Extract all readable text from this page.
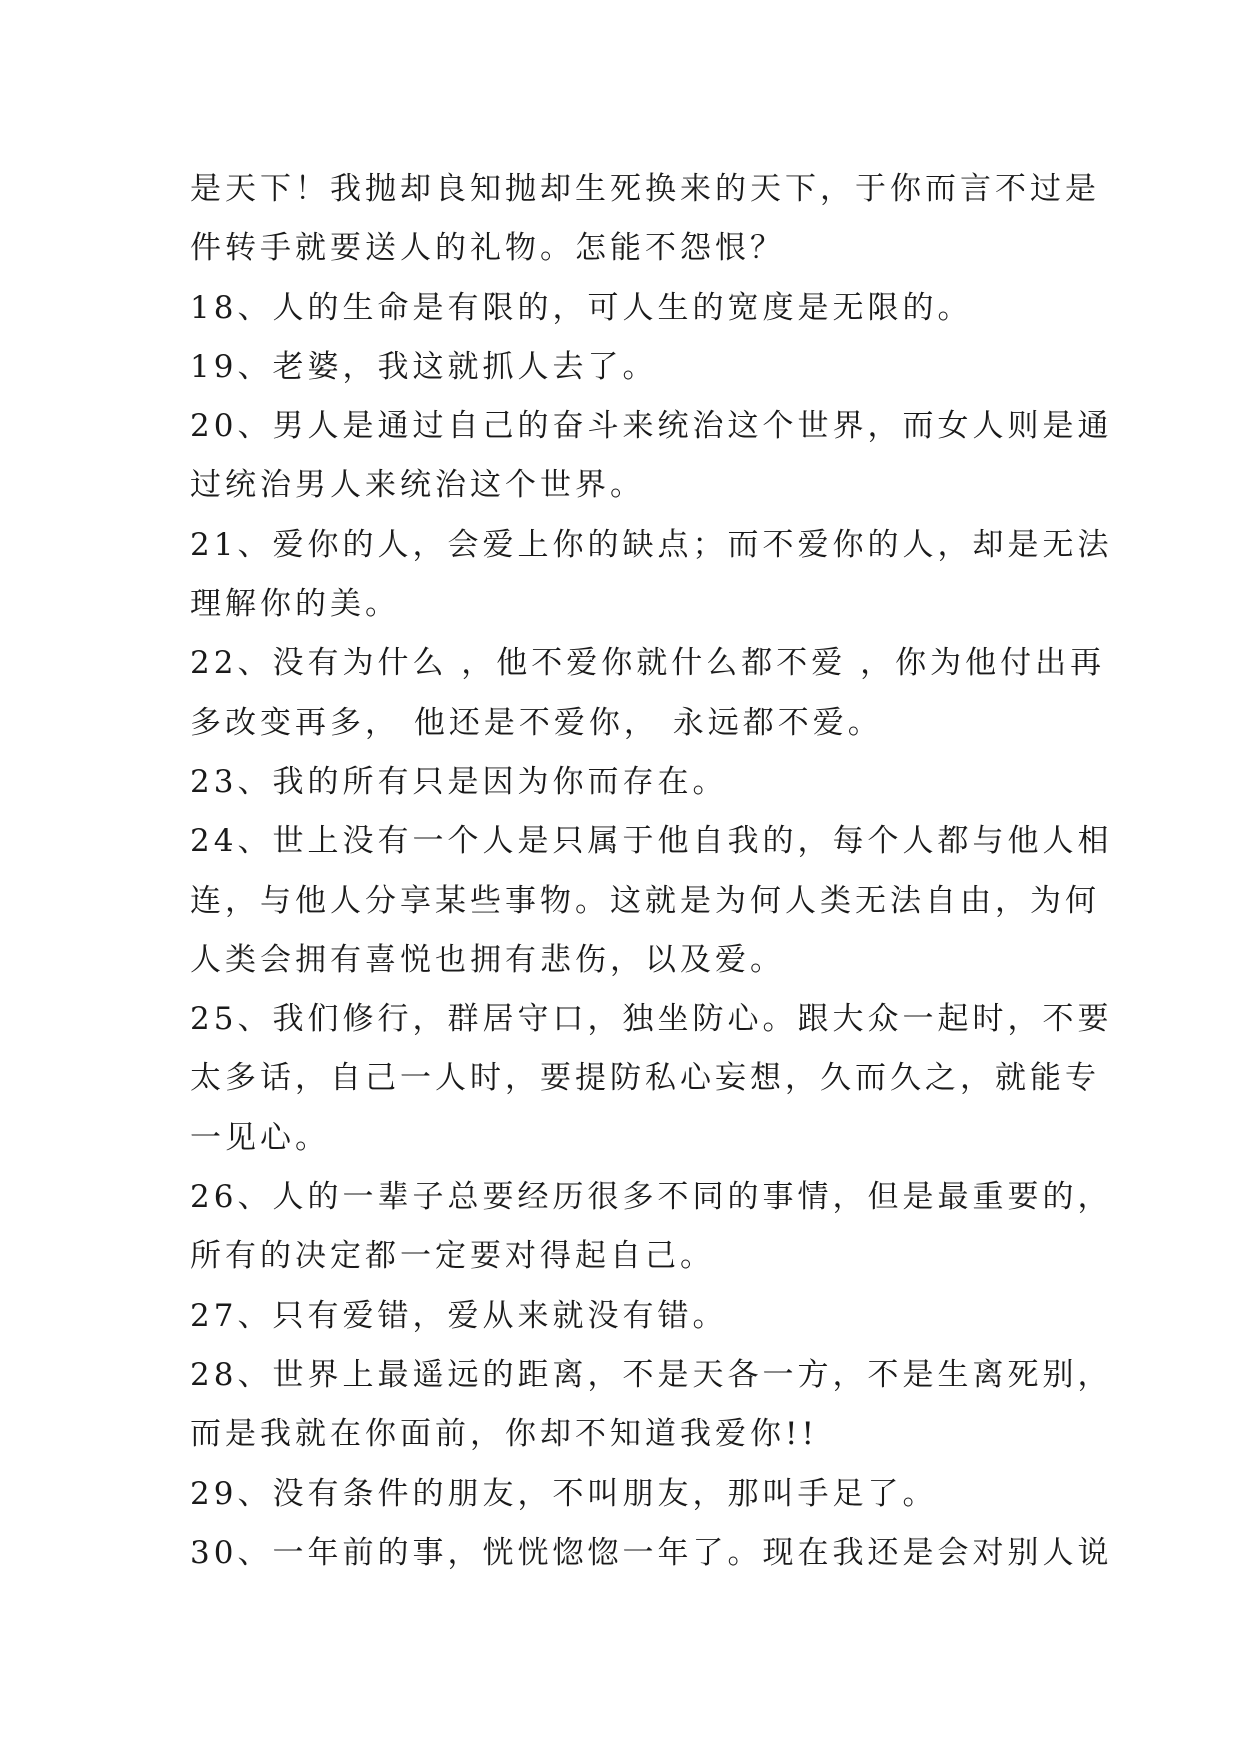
是天下！我抛却良知抛却生死换来的天下，于你而言不过是
件转手就要送人的礼物。怎能不怨恨？
18、人的生命是有限的，可人生的宽度是无限的。
19、老婆，我这就抓人去了。
20、男人是通过自己的奋斗来统治这个世界，而女人则是通
过统治男人来统治这个世界。
21、爱你的人，会爱上你的缺点；而不爱你的人，却是无法
理解你的美。
22、没有为什么 ，他不爱你就什么都不爱 ，你为他付出再
多改变再多， 他还是不爱你， 永远都不爱。
23、我的所有只是因为你而存在。
24、世上没有一个人是只属于他自我的，每个人都与他人相
连，与他人分享某些事物。这就是为何人类无法自由，为何
人类会拥有喜悦也拥有悲伤，以及爱。
25、我们修行，群居守口，独坐防心。跟大众一起时，不要
太多话，自己一人时，要提防私心妄想，久而久之，就能专
一见心。
26、人的一辈子总要经历很多不同的事情，但是最重要的，
所有的决定都一定要对得起自己。
27、只有爱错，爱从来就没有错。
28、世界上最遥远的距离，不是天各一方，不是生离死别，
而是我就在你面前，你却不知道我爱你!!
29、没有条件的朋友，不叫朋友，那叫手足了。
30、一年前的事，恍恍惚惚一年了。现在我还是会对别人说
